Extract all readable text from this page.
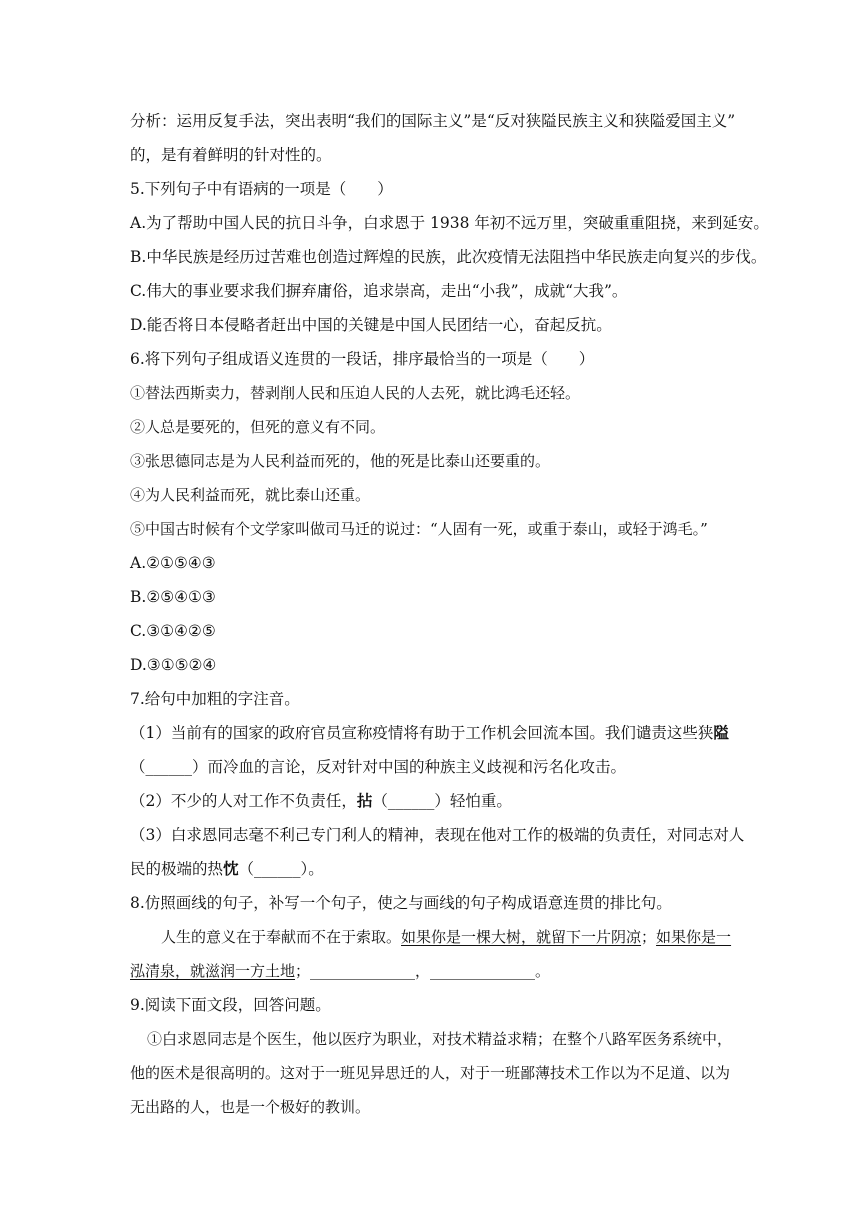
分析：运用反复手法，突出表明“我们的国际主义”是“反对狭隘民族主义和狭隘爱国主义”
的，是有着鲜明的针对性的。
5.下列句子中有语病的一项是（　　）
A.为了帮助中国人民的抗日斗争，白求恩于 1938 年初不远万里，突破重重阻挠，来到延安。
B.中华民族是经历过苦难也创造过辉煌的民族，此次疫情无法阻挡中华民族走向复兴的步伐。
C.伟大的事业要求我们摒弃庸俗，追求崇高，走出“小我”，成就“大我”。
D.能否将日本侵略者赶出中国的关键是中国人民团结一心，奋起反抗。
6.将下列句子组成语义连贯的一段话，排序最恰当的一项是（　　）
①替法西斯卖力，替剥削人民和压迫人民的人去死，就比鸿毛还轻。
②人总是要死的，但死的意义有不同。
③张思德同志是为人民利益而死的，他的死是比泰山还要重的。
④为人民利益而死，就比泰山还重。
⑤中国古时候有个文学家叫做司马迁的说过：“人固有一死，或重于泰山，或轻于鸿毛。”
A.②①⑤④③
B.②⑤④①③
C.③①④②⑤
D.③①⑤②④
7.给句中加粗的字注音。
（1）当前有的国家的政府官员宣称疫情将有助于工作机会回流本国。我们谴责这些狭隘
（______）而冷血的言论，反对针对中国的种族主义歧视和污名化攻击。
（2）不少的人对工作不负责任，拈（______）轻怕重。
（3）白求恩同志毫不利己专门利人的精神，表现在他对工作的极端的负责任，对同志对人
民的极端的热忱（______）。
8.仿照画线的句子，补写一个句子，使之与画线的句子构成语意连贯的排比句。
人生的意义在于奉献而不在于索取。如果你是一棵大树，就留下一片阴凉；如果你是一
泓清泉，就滋润一方土地；______________，______________。
9.阅读下面文段，回答问题。
①白求恩同志是个医生，他以医疗为职业，对技术精益求精；在整个八路军医务系统中，
他的医术是很高明的。这对于一班见异思迁的人，对于一班鄙薄技术工作以为不足道、以为
无出路的人，也是一个极好的教训。
